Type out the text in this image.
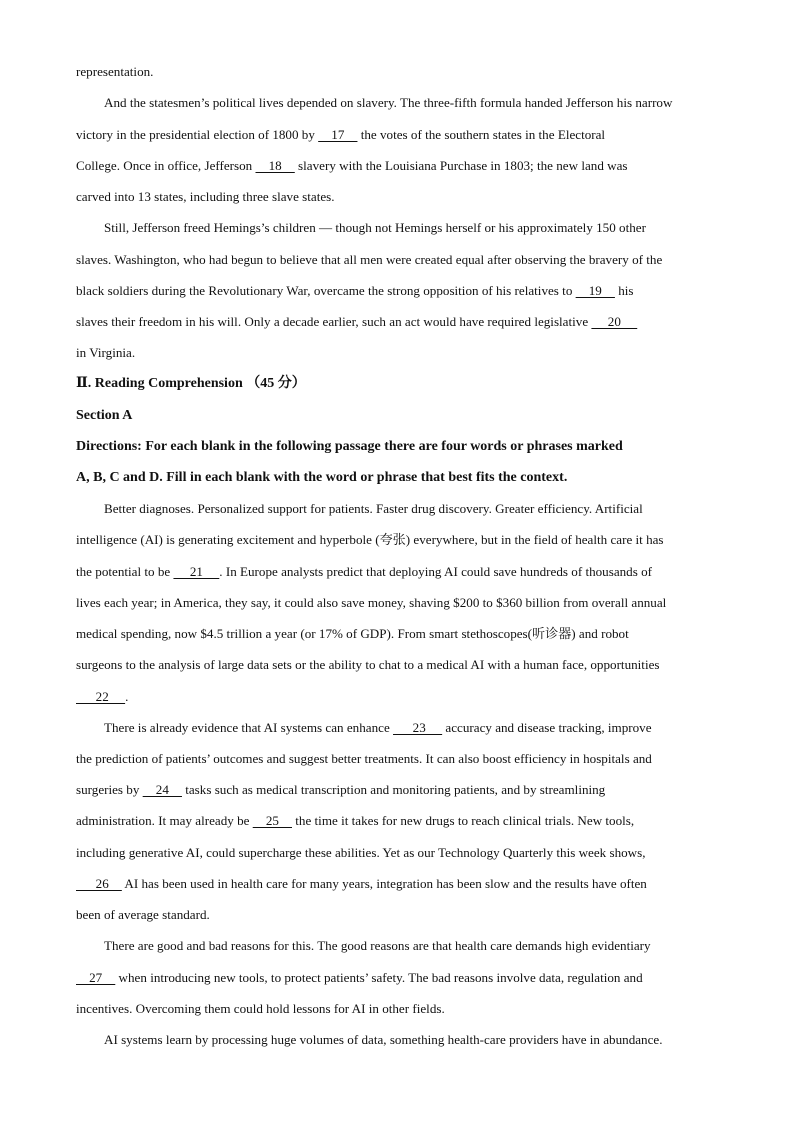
representation.
And the statesmen’s political lives depended on slavery. The three-fifth formula handed Jefferson his narrow
victory in the presidential election of 1800 by     17     the votes of the southern states in the Electoral
College. Once in office, Jefferson     18     slavery with the Louisiana Purchase in 1803; the new land was
carved into 13 states, including three slave states.
Still, Jefferson freed Hemings’s children — though not Hemings herself or his approximately 150 other
slaves. Washington, who had begun to believe that all men were created equal after observing the bravery of the
black soldiers during the Revolutionary War, overcame the strong opposition of his relatives to     19     his
slaves their freedom in his will. Only a decade earlier, such an act would have required legislative      20
in Virginia.
Ⅱ. Reading Comprehension （45 分）
Section A
Directions: For each blank in the following passage there are four words or phrases marked
A, B, C and D. Fill in each blank with the word or phrase that best fits the context.
Better diagnoses. Personalized support for patients. Faster drug discovery. Greater efficiency. Artificial
intelligence (AI) is generating excitement and hyperbole (夸张) everywhere, but in the field of health care it has
the potential to be      21     . In Europe analysts predict that deploying AI could save hundreds of thousands of
lives each year; in America, they say, it could also save money, shaving $200 to $360 billion from overall annual
medical spending, now $4.5 trillion a year (or 17% of GDP). From smart stethoscopes(听诊器) and robot
surgeons to the analysis of large data sets or the ability to chat to a medical AI with a human face, opportunities
22     .
There is already evidence that AI systems can enhance       23      accuracy and disease tracking, improve
the prediction of patients’ outcomes and suggest better treatments. It can also boost efficiency in hospitals and
surgeries by     24     tasks such as medical transcription and monitoring patients, and by streamlining
administration. It may already be     25     the time it takes for new drugs to reach clinical trials. New tools,
including generative AI, could supercharge these abilities. Yet as our Technology Quarterly this week shows,
26     AI has been used in health care for many years, integration has been slow and the results have often
been of average standard.
There are good and bad reasons for this. The good reasons are that health care demands high evidentiary
27     when introducing new tools, to protect patients’ safety. The bad reasons involve data, regulation and
incentives. Overcoming them could hold lessons for AI in other fields.
AI systems learn by processing huge volumes of data, something health-care providers have in abundance.
